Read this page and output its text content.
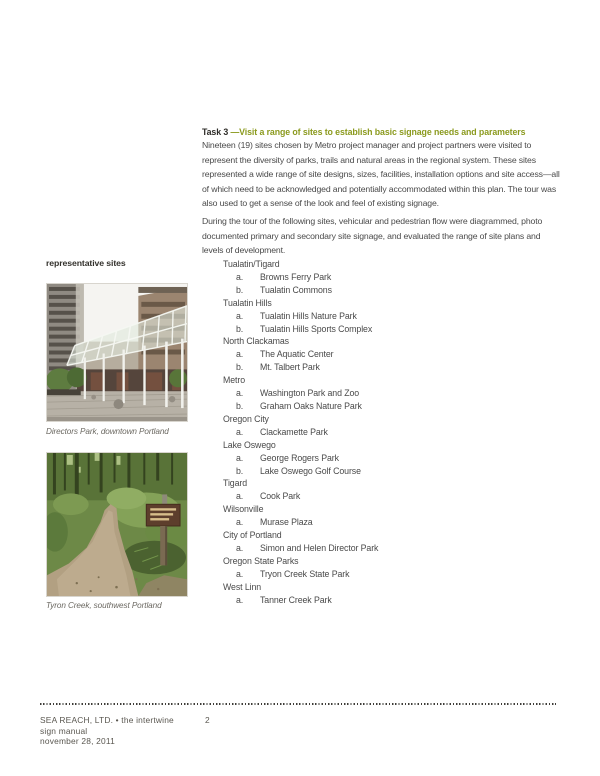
Task 3 —Visit a range of sites to establish basic signage needs and parameters
Nineteen (19) sites chosen by Metro project manager and project partners were visited to represent the diversity of parks, trails and natural areas in the regional system. These sites represented a wide range of site designs, sizes, facilities, installation options and site access—all of which need to be acknowledged and potentially accommodated within this plan. The tour was also used to get a sense of the look and feel of existing signage.
During the tour of the following sites, vehicular and pedestrian flow were diagrammed, photo documented primary and secondary site signage, and evaluated the range of site plans and levels of development.
representative sites	Tualatin/Tigard
a. Browns Ferry Park
b. Tualatin Commons
Tualatin Hills
a. Tualatin Hills Nature Park
b. Tualatin Hills Sports Complex
North Clackamas
a. The Aquatic Center
b. Mt. Talbert Park
Metro
a. Washington Park and Zoo
b. Graham Oaks Nature Park
Oregon City
a. Clackamette Park
Lake Oswego
a. George Rogers Park
b. Lake Oswego Golf Course
Tigard
a. Cook Park
Wilsonville
a. Murase Plaza
City of Portland
a. Simon and Helen Director Park
Oregon State Parks
a. Tryon Creek State Park
West Linn
a. Tanner Creek Park
Directors Park, downtown Portland
Tyron Creek, southwest Portland
SEA REACH, LTD. • the intertwine
sign manual
november 28, 2011
2
